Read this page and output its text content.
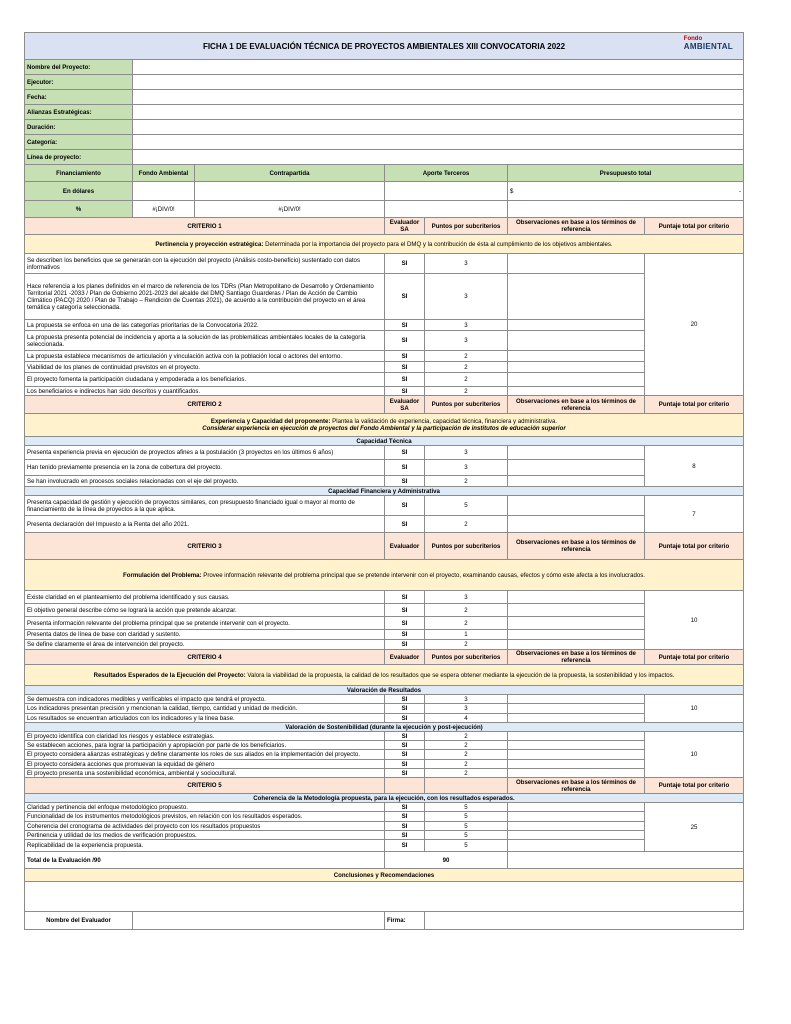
FICHA 1 DE EVALUACIÓN TÉCNICA DE PROYECTOS AMBIENTALES XIII CONVOCATORIA 2022
Fondo
AMBIENTAL						

Nombre del Proyecto:						
Ejecutor:						
Fecha:						
Alianzas Estratégicas:						
Duración:						
Categoría:						
Línea de proyecto:						
Financiamiento	Fondo Ambiental	Contrapartida	Aporte Terceros		Presupuesto total	
En dólares					$ -	

%	#¡DIV/0!	#¡DIV/0!				
CRITERIO 1			Evaluador SA	Puntos por subcriterios	Observaciones en base a los términos de referencia	Puntaje total por criterio
Pertinencia y proyección estratégica: Determinada por la importancia del proyecto para el DMQ y la contribución de ésta al cumplimiento de los objetivos ambientales.						
Se describen los beneficios que se generarán con la ejecución del proyecto (Análisis costo-beneficio) sustentado con datos informativos			SI	3		20
Hace referencia a los planes definidos en el marco de referencia de los TDRs (Plan Metropolitano de Desarrollo y Ordenamiento Territorial 2021 -2033 / Plan de Gobierno 2021-2023 del alcalde del DMQ Santiago Guarderas / Plan de Acción de Cambio Climático (PACQ) 2020 / Plan de Trabajo – Rendición de Cuentas 2021), de acuerdo a la contribución del proyecto en el área temática y categoría seleccionada.			SI	3		
La propuesta se enfoca en una de las categorías prioritarias de la Convocatoria 2022.			SI	3		
La propuesta presenta potencial de incidencia y aporta a la solución de las problemáticas ambientales locales de la categoría seleccionada.			SI	3		
La propuesta establece mecanismos de articulación y vinculación activa con la población local o actores del entorno.			SI	2		
Viabilidad de los planes de continuidad previstos en el proyecto.			SI	2		
El proyecto fomenta la participación ciudadana y empoderada a los beneficiarios.			SI	2		
Los beneficiarios e indirectos han sido descritos y cuantificados.			SI	2		
CRITERIO 2			Evaluador SA	Puntos por subcriterios	Observaciones en base a los términos de referencia	Puntaje total por criterio
Experiencia y Capacidad del proponente: Plantea la validación de experiencia, capacidad técnica, financiera y administrativa.
Considerar experiencia en ejecución de proyectos del Fondo Ambiental y la participación de institutos de educación superior						
Capacidad Técnica						
Presenta experiencia previa en ejecución de proyectos afines a la postulación (3 proyectos en los últimos 6 años)			SI	3		8
Han tenido previamente presencia en la zona de cobertura del proyecto.			SI	3		
Se han involucrado en procesos sociales relacionadas con el eje del proyecto.			SI	2		
Capacidad Financiera y Administrativa						
Presenta capacidad de gestión y ejecución de proyectos similares, con presupuesto financiado igual o mayor al monto de financiamiento de la línea de proyectos a la que aplica.			SI	5		7
Presenta declaración del Impuesto a la Renta del año 2021.			SI	2		
CRITERIO 3			Evaluador	Puntos por subcriterios	Observaciones en base a los términos de referencia	Puntaje total por criterio
Formulación del Problema: Provee información relevante del problema principal que se pretende intervenir con el proyecto, examinando causas, efectos y cómo este afecta a los involucrados.						
Existe claridad en el planteamiento del problema identificado y sus causas.			SI	3		10
El objetivo general describe cómo se logrará la acción que pretende alcanzar.			SI	2		
Presenta información relevante del problema principal que se pretende intervenir con el proyecto.			SI	2		
Presenta datos de línea de base con claridad y sustento.			SI	1		
Se define claramente el área de intervención del proyecto.			SI	2		
CRITERIO 4			Evaluador	Puntos por subcriterios	Observaciones en base a los términos de referencia	Puntaje total por criterio
Resultados Esperados de la Ejecución del Proyecto: Valora la viabilidad de la propuesta, la calidad de los resultados que se espera obtener mediante la ejecución de la propuesta, la sostenibilidad y los impactos.						
Valoración de Resultados						
Se demuestra con indicadores medibles y verificables el impacto que tendrá el proyecto.			SI	3		10
Los indicadores presentan precisión y mencionan la calidad, tiempo, cantidad y unidad de medición.			SI	3		
Los resultados se encuentran articulados con los indicadores y la línea base.			SI	4		
Valoración de Sostenibilidad (durante la ejecución y post-ejecución)						
El proyecto identifica con claridad los riesgos y establece estrategias.			SI	2		10
Se establecen acciones, para lograr la participación y apropiación por parte de los beneficiarios.			SI	2		
El proyecto considera alianzas estratégicas y define claramente los roles de sus aliados en la implementación del proyecto.			SI	2		
El proyecto considera acciones que promuevan la equidad de género			SI	2		
El proyecto presenta una sostenibilidad económica, ambiental y sociocultural.			SI	2		
CRITERIO 5					Observaciones en base a los términos de referencia	Puntaje total por criterio
Coherencia de la Metodología propuesta, para la ejecución, con los resultados esperados.						
Claridad y pertinencia del enfoque metodológico propuesto.			SI	5		25
Funcionalidad de los instrumentos metodológicos previstos, en relación con los resultados esperados.			SI	5		
Coherencia del cronograma de actividades del proyecto con los resultados propuestos			SI	5		
Pertinencia y utilidad de los medios de verificación propuestos.			SI	5		
Replicabilidad de la experiencia propuesta.			SI	5		
Total de la Evaluación /90			90			
Conclusiones y Recomendaciones						

Nombre del Evaluador			Firma:			
